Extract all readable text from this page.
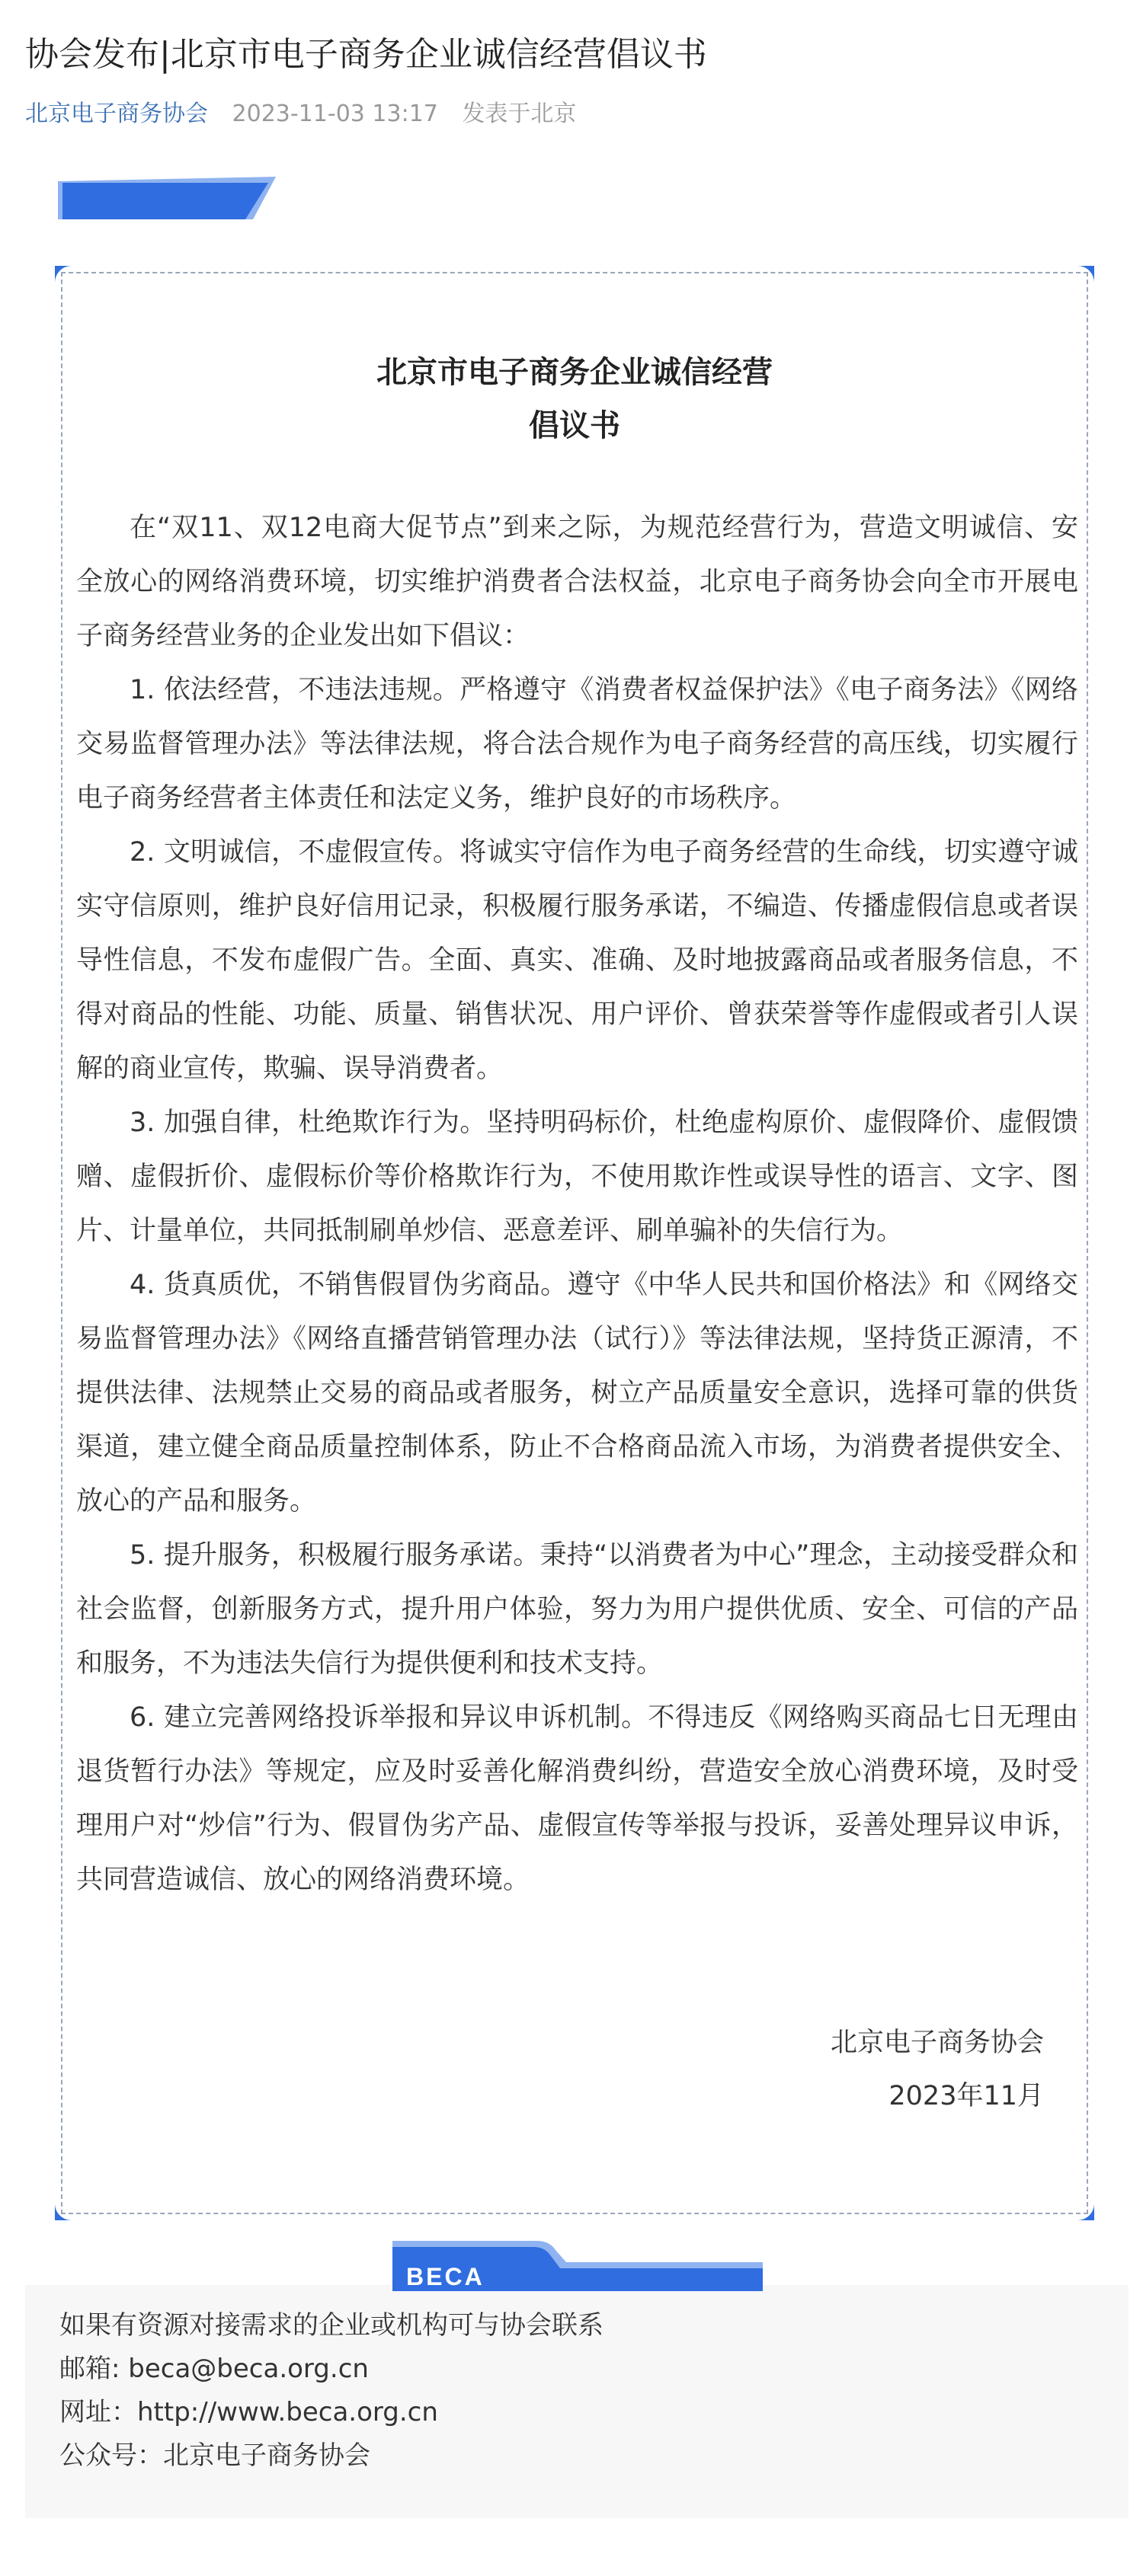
协会发布|北京市电子商务企业诚信经营倡议书
北京电子商务协会 2023-11-03 13:17 发表于北京
北京市电子商务企业诚信经营
倡议书

在“双11、双12电商大促节点”到来之际，为规范经营行为，营造文明诚信、安全放心的网络消费环境，切实维护消费者合法权益，北京电子商务协会向全市开展电子商务经营业务的企业发出如下倡议：

1. 依法经营，不违法违规。严格遵守《消费者权益保护法》《电子商务法》《网络交易监督管理办法》等法律法规，将合法合规作为电子商务经营的高压线，切实履行电子商务经营者主体责任和法定义务，维护良好的市场秩序。

2. 文明诚信，不虚假宣传。将诚实守信作为电子商务经营的生命线，切实遵守诚实守信原则，维护良好信用记录，积极履行服务承诺，不编造、传播虚假信息或者误导性信息，不发布虚假广告。全面、真实、准确、及时地披露商品或者服务信息，不得对商品的性能、功能、质量、销售状况、用户评价、曾获荣誉等作虚假或者引人误解的商业宣传，欺骗、误导消费者。

3. 加强自律，杜绝欺诈行为。坚持明码标价，杜绝虚构原价、虚假降价、虚假馈赠、虚假折价、虚假标价等价格欺诈行为，不使用欺诈性或误导性的语言、文字、图片、计量单位，共同抵制刷单炒信、恶意差评、刷单骗补的失信行为。

4. 货真质优，不销售假冒伪劣商品。遵守《中华人民共和国价格法》和《网络交易监督管理办法》《网络直播营销管理办法（试行）》等法律法规，坚持货正源清，不提供法律、法规禁止交易的商品或者服务，树立产品质量安全意识，选择可靠的供货渠道，建立健全商品质量控制体系，防止不合格商品流入市场，为消费者提供安全、放心的产品和服务。

5. 提升服务，积极履行服务承诺。秉持“以消费者为中心”理念，主动接受群众和社会监督，创新服务方式，提升用户体验，努力为用户提供优质、安全、可信的产品和服务，不为违法失信行为提供便利和技术支持。

6. 建立完善网络投诉举报和异议申诉机制。不得违反《网络购买商品七日无理由退货暂行办法》等规定，应及时妥善化解消费纠纷，营造安全放心消费环境，及时受理用户对“炒信”行为、假冒伪劣产品、虚假宣传等举报与投诉，妥善处理异议申诉，共同营造诚信、放心的网络消费环境。

北京电子商务协会
2023年11月
如果有资源对接需求的企业或机构可与协会联系
邮箱: beca@beca.org.cn
网址：http://www.beca.org.cn
公众号：北京电子商务协会
BECA
